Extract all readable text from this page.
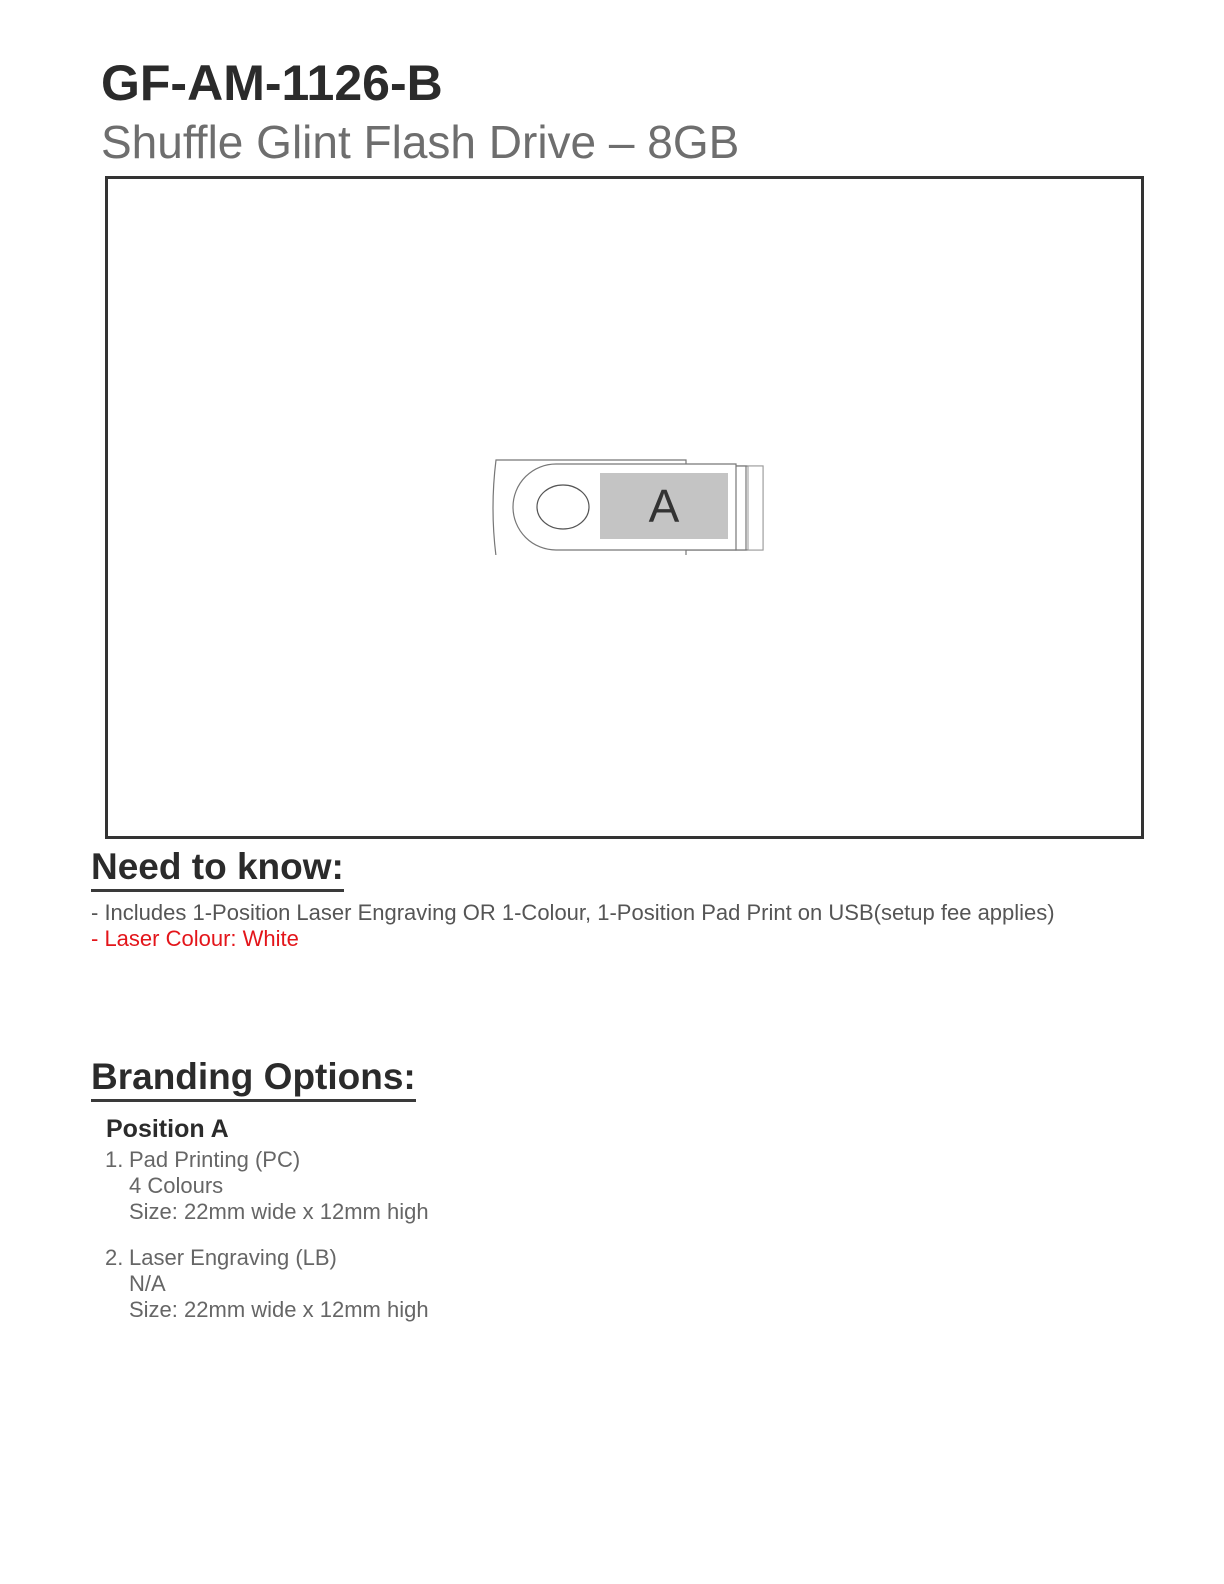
GF-AM-1126-B
Shuffle Glint Flash Drive – 8GB
A
Need to know:
- Includes 1-Position Laser Engraving OR 1-Colour, 1-Position Pad Print on USB(setup fee applies)
- Laser Colour: White
Branding Options:
Position A
1. Pad Printing (PC)
4 Colours
Size: 22mm wide x 12mm high
2. Laser Engraving (LB)
N/A
Size: 22mm wide x 12mm high
